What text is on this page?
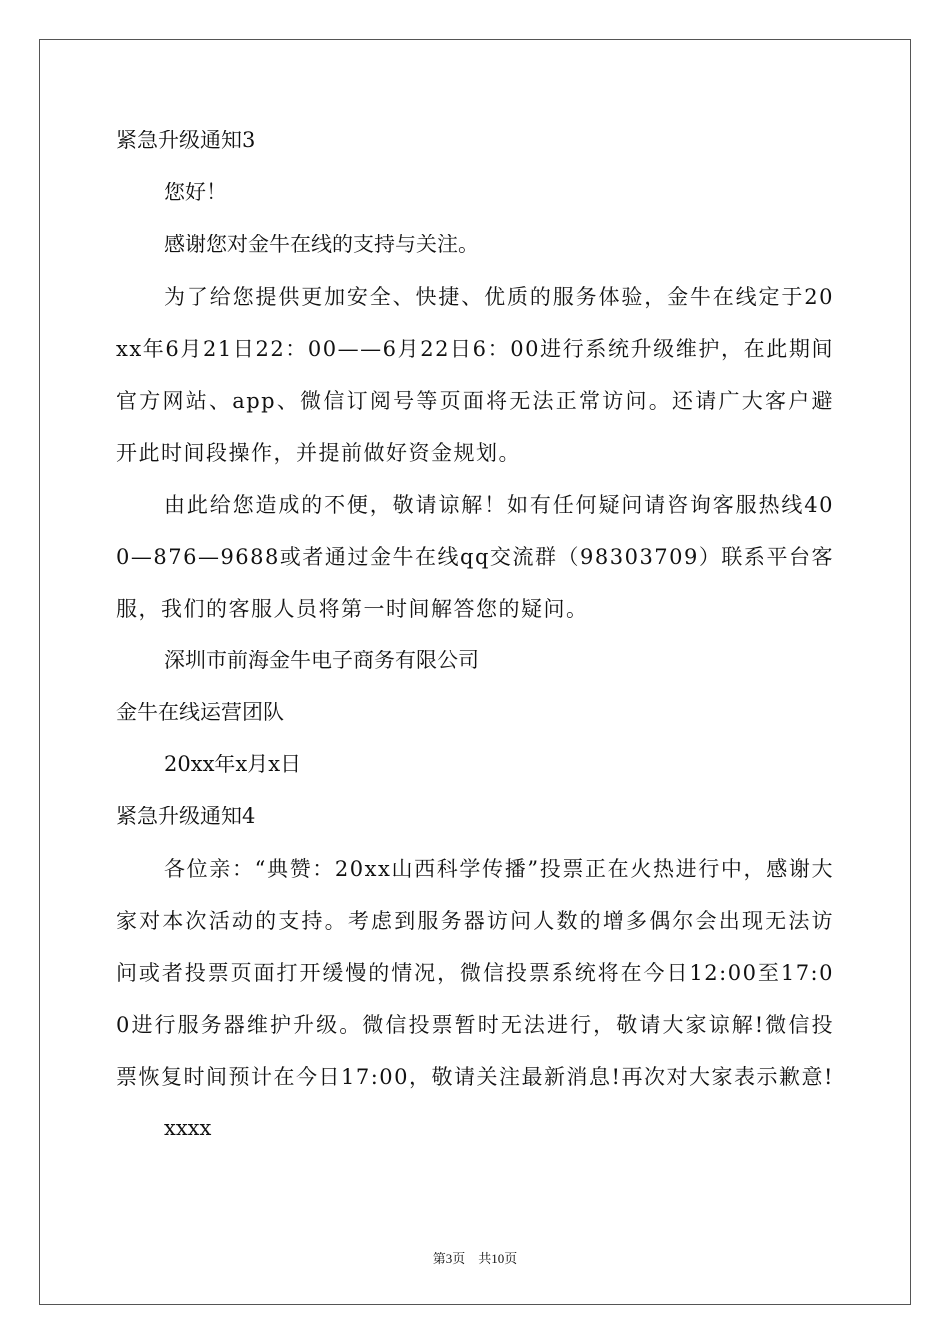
紧急升级通知3
您好！
感谢您对金牛在线的支持与关注。
为了给您提供更加安全、快捷、优质的服务体验，金牛在线定于20xx年6月21日22：00——6月22日6：00进行系统升级维护，在此期间官方网站、app、微信订阅号等页面将无法正常访问。还请广大客户避开此时间段操作，并提前做好资金规划。
由此给您造成的不便，敬请谅解！如有任何疑问请咨询客服热线400—876—9688或者通过金牛在线qq交流群（98303709）联系平台客服，我们的客服人员将第一时间解答您的疑问。
深圳市前海金牛电子商务有限公司
金牛在线运营团队
20xx年x月x日
紧急升级通知4
各位亲：“典赞：20xx山西科学传播”投票正在火热进行中，感谢大家对本次活动的支持。考虑到服务器访问人数的增多偶尔会出现无法访问或者投票页面打开缓慢的情况，微信投票系统将在今日12:00至17:00进行服务器维护升级。微信投票暂时无法进行，敬请大家谅解!微信投票恢复时间预计在今日17:00，敬请关注最新消息!再次对大家表示歉意!
xxxx
第3页　共10页
